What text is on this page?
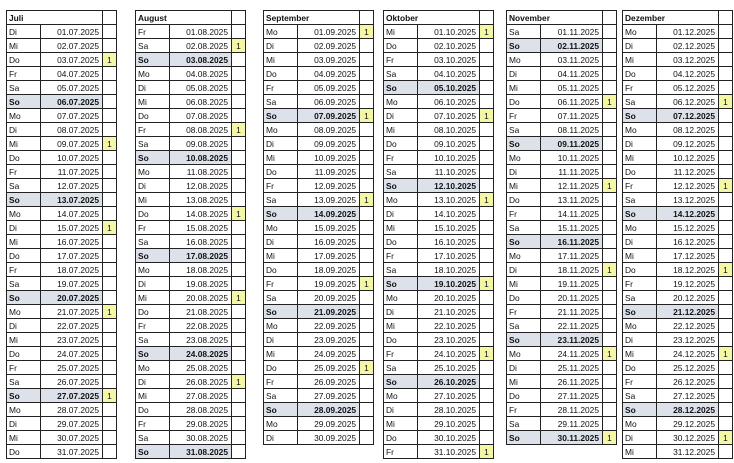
Juli		
Di	01.07.2025	
Mi	02.07.2025	
Do	03.07.2025	1
Fr	04.07.2025	
Sa	05.07.2025	
So	06.07.2025	
Mo	07.07.2025	
Di	08.07.2025	
Mi	09.07.2025	1
Do	10.07.2025	
Fr	11.07.2025	
Sa	12.07.2025	
So	13.07.2025	
Mo	14.07.2025	
Di	15.07.2025	1
Mi	16.07.2025	
Do	17.07.2025	
Fr	18.07.2025	
Sa	19.07.2025	
So	20.07.2025	
Mo	21.07.2025	1
Di	22.07.2025	
Mi	23.07.2025	
Do	24.07.2025	
Fr	25.07.2025	
Sa	26.07.2025	
So	27.07.2025	1
Mo	28.07.2025	
Di	29.07.2025	
Mi	30.07.2025	
Do	31.07.2025	
August		
Fr	01.08.2025	
Sa	02.08.2025	1
So	03.08.2025	
Mo	04.08.2025	
Di	05.08.2025	
Mi	06.08.2025	
Do	07.08.2025	
Fr	08.08.2025	1
Sa	09.08.2025	
So	10.08.2025	
Mo	11.08.2025	
Di	12.08.2025	
Mi	13.08.2025	
Do	14.08.2025	1
Fr	15.08.2025	
Sa	16.08.2025	
So	17.08.2025	
Mo	18.08.2025	
Di	19.08.2025	
Mi	20.08.2025	1
Do	21.08.2025	
Fr	22.08.2025	
Sa	23.08.2025	
So	24.08.2025	
Mo	25.08.2025	
Di	26.08.2025	1
Mi	27.08.2025	
Do	28.08.2025	
Fr	29.08.2025	
Sa	30.08.2025	
So	31.08.2025	
September		
Mo	01.09.2025	1
Di	02.09.2025	
Mi	03.09.2025	
Do	04.09.2025	
Fr	05.09.2025	
Sa	06.09.2025	
So	07.09.2025	1
Mo	08.09.2025	
Di	09.09.2025	
Mi	10.09.2025	
Do	11.09.2025	
Fr	12.09.2025	
Sa	13.09.2025	1
So	14.09.2025	
Mo	15.09.2025	
Di	16.09.2025	
Mi	17.09.2025	
Do	18.09.2025	
Fr	19.09.2025	1
Sa	20.09.2025	
So	21.09.2025	
Mo	22.09.2025	
Di	23.09.2025	
Mi	24.09.2025	
Do	25.09.2025	1
Fr	26.09.2025	
Sa	27.09.2025	
So	28.09.2025	
Mo	29.09.2025	
Di	30.09.2025	
Oktober		
Mi	01.10.2025	1
Do	02.10.2025	
Fr	03.10.2025	
Sa	04.10.2025	
So	05.10.2025	
Mo	06.10.2025	
Di	07.10.2025	1
Mi	08.10.2025	
Do	09.10.2025	
Fr	10.10.2025	
Sa	11.10.2025	
So	12.10.2025	
Mo	13.10.2025	1
Di	14.10.2025	
Mi	15.10.2025	
Do	16.10.2025	
Fr	17.10.2025	
Sa	18.10.2025	
So	19.10.2025	1
Mo	20.10.2025	
Di	21.10.2025	
Mi	22.10.2025	
Do	23.10.2025	
Fr	24.10.2025	1
Sa	25.10.2025	
So	26.10.2025	
Mo	27.10.2025	
Di	28.10.2025	
Mi	29.10.2025	
Do	30.10.2025	
Fr	31.10.2025	1
November		
Sa	01.11.2025	
So	02.11.2025	
Mo	03.11.2025	
Di	04.11.2025	
Mi	05.11.2025	
Do	06.11.2025	1
Fr	07.11.2025	
Sa	08.11.2025	
So	09.11.2025	
Mo	10.11.2025	
Di	11.11.2025	
Mi	12.11.2025	1
Do	13.11.2025	
Fr	14.11.2025	
Sa	15.11.2025	
So	16.11.2025	
Mo	17.11.2025	
Di	18.11.2025	1
Mi	19.11.2025	
Do	20.11.2025	
Fr	21.11.2025	
Sa	22.11.2025	
So	23.11.2025	
Mo	24.11.2025	1
Di	25.11.2025	
Mi	26.11.2025	
Do	27.11.2025	
Fr	28.11.2025	
Sa	29.11.2025	
So	30.11.2025	1
Dezember		
Mo	01.12.2025	
Di	02.12.2025	
Mi	03.12.2025	
Do	04.12.2025	
Fr	05.12.2025	
Sa	06.12.2025	1
So	07.12.2025	
Mo	08.12.2025	
Di	09.12.2025	
Mi	10.12.2025	
Do	11.12.2025	
Fr	12.12.2025	1
Sa	13.12.2025	
So	14.12.2025	
Mo	15.12.2025	
Di	16.12.2025	
Mi	17.12.2025	
Do	18.12.2025	1
Fr	19.12.2025	
Sa	20.12.2025	
So	21.12.2025	
Mo	22.12.2025	
Di	23.12.2025	
Mi	24.12.2025	1
Do	25.12.2025	
Fr	26.12.2025	
Sa	27.12.2025	
So	28.12.2025	
Mo	29.12.2025	
Di	30.12.2025	1
Mi	31.12.2025	
